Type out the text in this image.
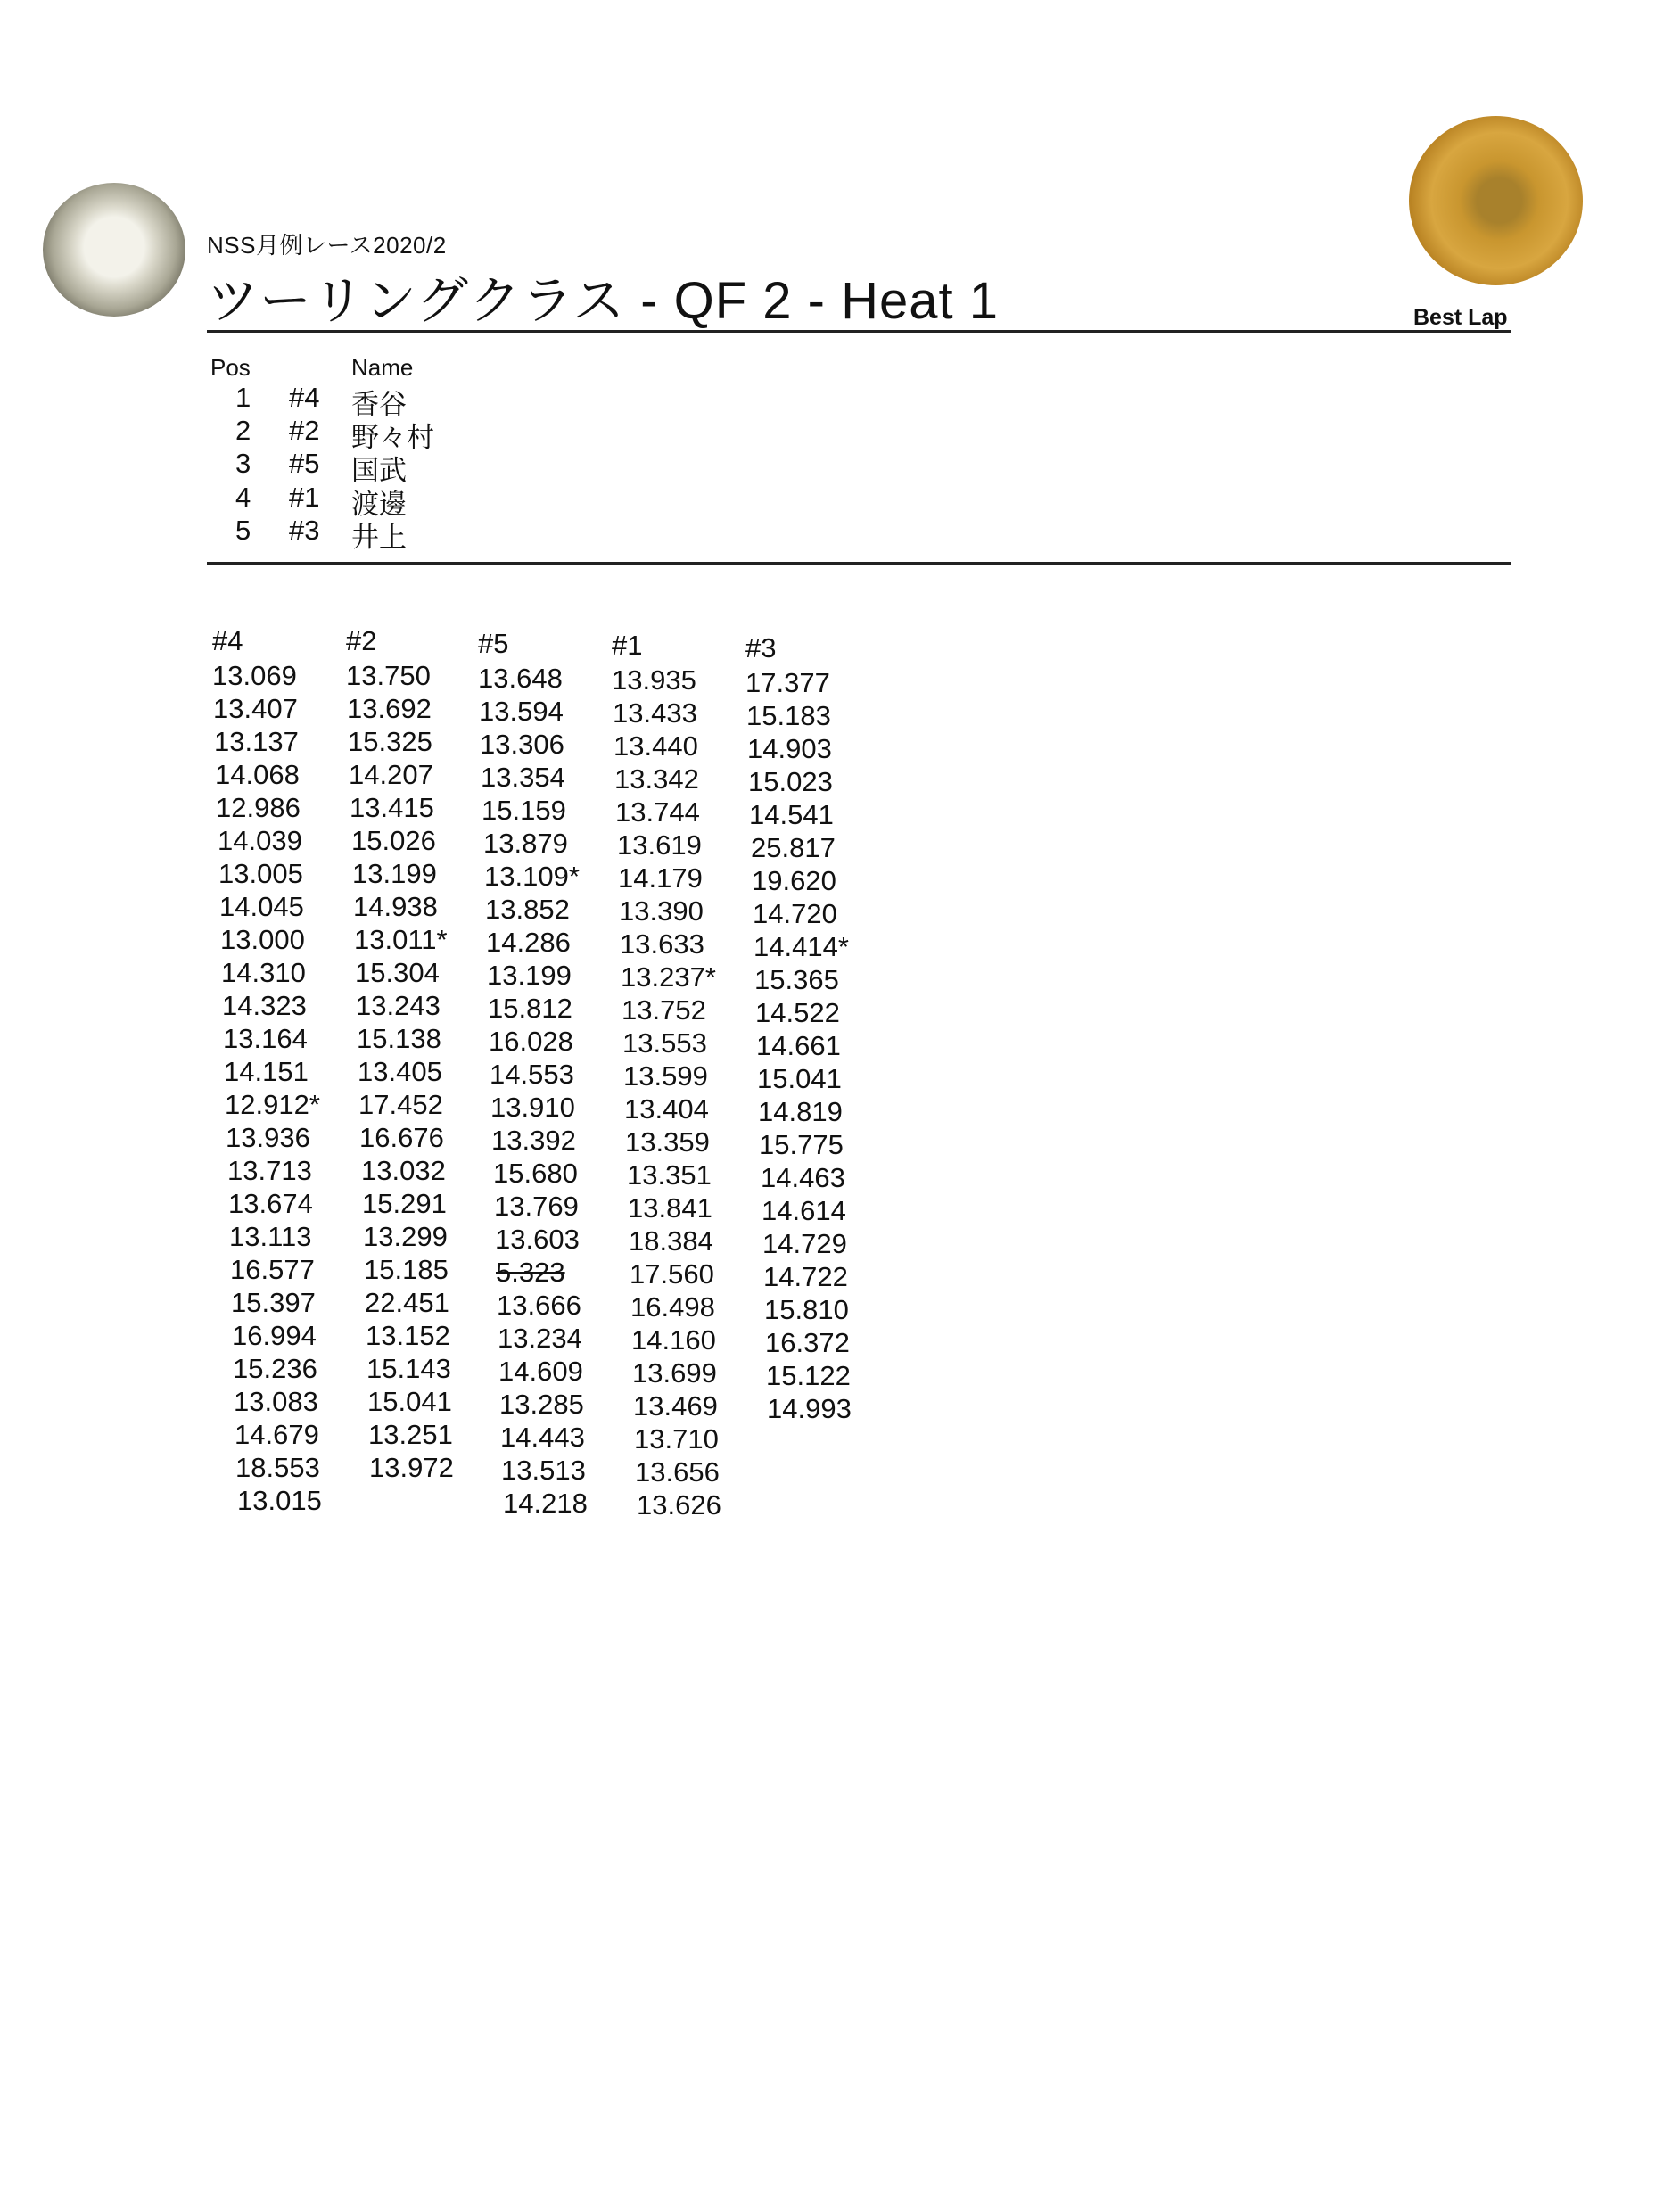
NSS月例レース2020/2
ツーリングクラス - QF 2 - Heat 1	Best Lap
Pos	Name
1 #4 香谷
2 #2 野々村
3 #5 国武
4 #1 渡邊
5 #3 井上
#4
13.069
13.407
13.137
14.068
12.986
14.039
13.005
14.045
13.000
14.310
14.323
13.164
14.151
12.912*
13.936
13.713
13.674
13.113
16.577
15.397
16.994
15.236
13.083
14.679
18.553
13.015
#2
13.750
13.692
15.325
14.207
13.415
15.026
13.199
14.938
13.011*
15.304
13.243
15.138
13.405
17.452
16.676
13.032
15.291
13.299
15.185
22.451
13.152
15.143
15.041
13.251
13.972
#5
13.648
13.594
13.306
13.354
15.159
13.879
13.109*
13.852
14.286
13.199
15.812
16.028
14.553
13.910
13.392
15.680
13.769
13.603
5.323
13.666
13.234
14.609
13.285
14.443
13.513
14.218
#1
13.935
13.433
13.440
13.342
13.744
13.619
14.179
13.390
13.633
13.237*
13.752
13.553
13.599
13.404
13.359
13.351
13.841
18.384
17.560
16.498
14.160
13.699
13.469
13.710
13.656
13.626
#3
17.377
15.183
14.903
15.023
14.541
25.817
19.620
14.720
14.414*
15.365
14.522
14.661
15.041
14.819
15.775
14.463
14.614
14.729
14.722
15.810
16.372
15.122
14.993
